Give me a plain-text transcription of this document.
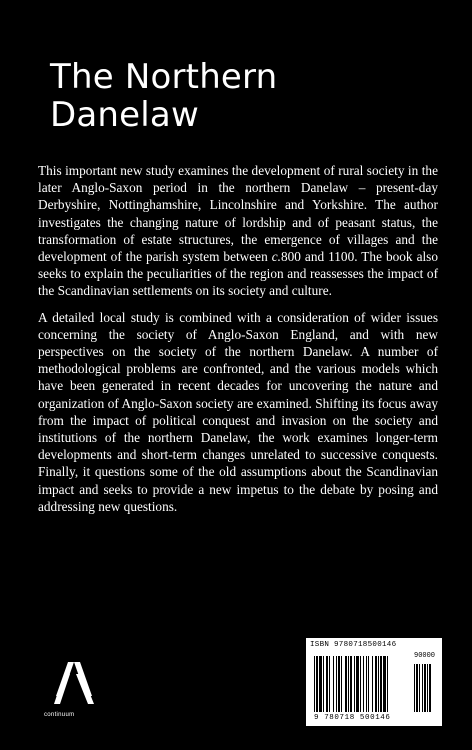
The Northern
Danelaw

This important new study examines the development of rural society in the later Anglo-Saxon period in the northern Danelaw – present-day Derbyshire, Nottinghamshire, Lincolnshire and Yorkshire. The author investigates the changing nature of lordship and of peasant status, the transformation of estate structures, the emergence of villages and the development of the parish system between c.800 and 1100. The book also seeks to explain the peculiarities of the region and reassesses the impact of the Scandinavian settlements on its society and culture.

A detailed local study is combined with a consideration of wider issues concerning the society of Anglo-Saxon England, and with new perspectives on the society of the northern Danelaw. A number of methodological problems are confronted, and the various models which have been generated in recent decades for uncovering the nature and organization of Anglo-Saxon society are examined. Shifting its focus away from the impact of political conquest and invasion on the society and institutions of the northern Danelaw, the work examines longer-term developments and short-term changes unrelated to successive conquests. Finally, it questions some of the old assumptions about the Scandinavian impact and seeks to provide a new impetus to the debate by posing and addressing new questions.

continuum
ISBN 9780718500146
90000
9 780718 500146
